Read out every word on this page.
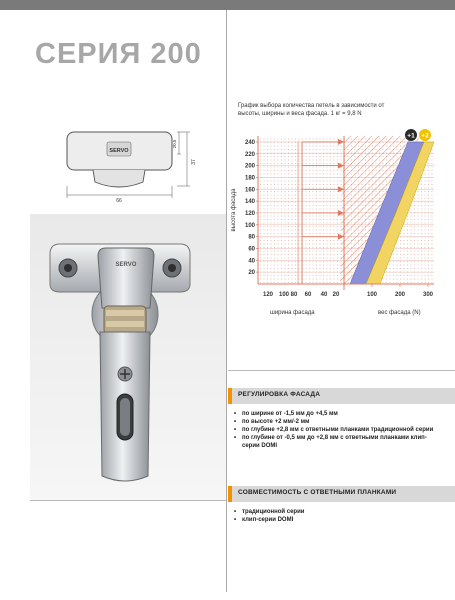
СЕРИЯ 200
SERVO
66
37
20,5
SERVO
График выбора количества петель в зависимости от высоты, ширины и веса фасада. 1 кг = 9,8 N
240
220
200
180
160
140
120
100
80
60
40
20
120 100 80 60 40 20	100	200	300
высота фасада
ширина фасада	вес фасада (N)
+1 +2
РЕГУЛИРОВКА ФАСАДА
• по ширине от -1,5 мм до +4,5 мм
• по высоте +2 мм/-2 мм
• по глубине +2,8 мм с ответными планками традиционной серии
• по глубине от -0,5 мм до +2,8 мм с ответными планками клип-серии DOMI
СОВМЕСТИМОСТЬ С ОТВЕТНЫМИ ПЛАНКАМИ
• традиционной серии
• клип-серии DOMI
